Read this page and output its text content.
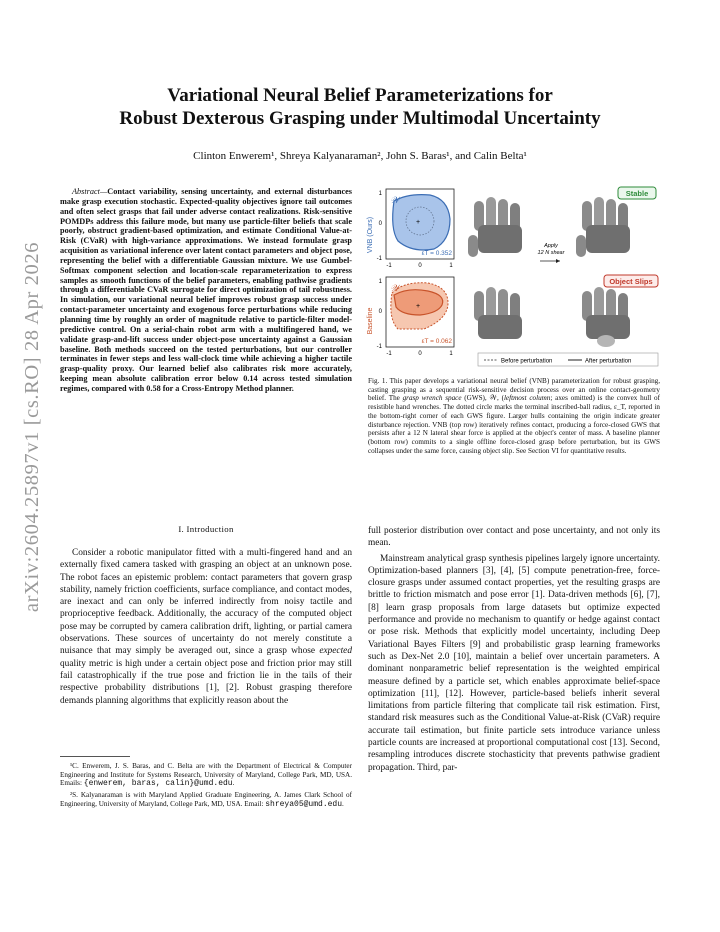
arXiv:2604.25897v1 [cs.RO] 28 Apr 2026
Variational Neural Belief Parameterizations for
Robust Dexterous Grasping under Multimodal Uncertainty
Clinton Enwerem¹, Shreya Kalyanaraman², John S. Baras¹, and Calin Belta¹
Abstract—Contact variability, sensing uncertainty, and external disturbances make grasp execution stochastic. Expected-quality objectives ignore tail outcomes and often select grasps that fail under adverse contact realizations. Risk-sensitive POMDPs address this failure mode, but many use particle-filter beliefs that scale poorly, obstruct gradient-based optimization, and estimate Conditional Value-at-Risk (CVaR) with high-variance approximations. We instead formulate grasp acquisition as variational inference over latent contact parameters and object pose, representing the belief with a differentiable Gaussian mixture. We use Gumbel-Softmax component selection and location-scale reparameterization to express samples as smooth functions of the belief parameters, enabling pathwise gradients through a differentiable CVaR surrogate for direct optimization of tail robustness. In simulation, our variational neural belief improves robust grasp success under contact-parameter uncertainty and exogenous force perturbations while reducing planning time by roughly an order of magnitude relative to particle-filter model-predictive control. On a serial-chain robot arm with a multifingered hand, we validate grasp-and-lift success under object-pose uncertainty against a Gaussian baseline. Both methods succeed on the tested perturbations, but our controller terminates in fewer steps and less wall-clock time while achieving a higher tactile grasp-quality proxy. Our learned belief also calibrates risk more accurately, keeping mean absolute calibration error below 0.14 across tested simulation regimes, compared with 0.58 for a Cross-Entropy Method planner.
I. Introduction
Consider a robotic manipulator fitted with a multi-fingered hand and an externally fixed camera tasked with grasping an object at an unknown pose. The robot faces an epistemic problem: contact parameters that govern grasp stability, namely friction coefficients, surface compliance, and contact modes, are inexact and can only be inferred indirectly from noisy tactile and proprioceptive feedback. Additionally, the accuracy of the computed object pose may be corrupted by camera calibration drift, lighting, or partial camera observations. These sources of uncertainty do not merely constitute a nuisance that may simply be averaged out, since a grasp whose expected quality metric is high under a certain object pose and friction prior may still fail catastrophically if the true pose and friction lie in the tails of their respective probability distributions [1], [2]. Robust grasping therefore demands planning algorithms that explicitly reason about the

¹C. Enwerem, J. S. Baras, and C. Belta are with the Department of Electrical & Computer Engineering and Institute for Systems Research, University of Maryland, College Park, MD, USA. Emails: {enwerem, baras, calin}@umd.edu.

²S. Kalyanaraman is with Maryland Applied Graduate Engineering, A. James Clark School of Engineering, University of Maryland, College Park, MD, USA. Email: shreya05@umd.edu.

VNB (Ours)
Baseline
1
0
-1
-1	0	1
+
𝒲
εT = 0.352
1
0
-1
-1	0	1
+
𝒲
εT = 0.062
Stable
Apply
12 N shear
Object Slips
Before perturbation	After perturbation
Fig. 1. This paper develops a variational neural belief (VNB) parameterization for robust grasping, casting grasping as a sequential risk-sensitive decision process over an online contact-geometry belief. The grasp wrench space (GWS), 𝒲, (leftmost column; axes omitted) is the convex hull of resistible hand wrenches. The dotted circle marks the terminal inscribed-ball radius, ε_T, reported in the bottom-right corner of each GWS figure. Larger hulls containing the origin indicate greater disturbance rejection. VNB (top row) iteratively refines contact, producing a force-closed GWS that persists after a 12 N lateral shear force is applied at the object's center of mass. A baseline planner (bottom row) commits to a single offline force-closed grasp before perturbation, but its GWS collapses under the same force, causing object slip. See Section VI for quantitative results.

full posterior distribution over contact and pose uncertainty, and not only its mean.

Mainstream analytical grasp synthesis pipelines largely ignore uncertainty. Optimization-based planners [3], [4], [5] compute penetration-free, force-closure grasps under assumed contact properties, yet the resulting grasps are brittle to friction mismatch and pose error [1]. Data-driven methods [6], [7], [8] learn grasp proposals from large datasets but optimize expected performance and provide no mechanism to quantify or hedge against contact or pose risk. Methods that explicitly model uncertainty, including Deep Variational Bayes Filters [9] and probabilistic grasp learning frameworks such as Dex-Net 2.0 [10], maintain a belief over uncertain parameters. A dominant nonparametric belief representation is the weighted empirical measure defined by a particle set, which enables approximate belief-space optimization [11], [12]. However, particle-based beliefs inherit several limitations from particle filtering that complicate tail risk estimation. First, standard risk measures such as the Conditional Value-at-Risk (CVaR) require accurate tail estimation, but finite particle sets introduce variance unless particle counts are increased at proportional computational cost [13]. Second, resampling introduces discrete stochasticity that prevents pathwise gradient propagation. Third, par-
